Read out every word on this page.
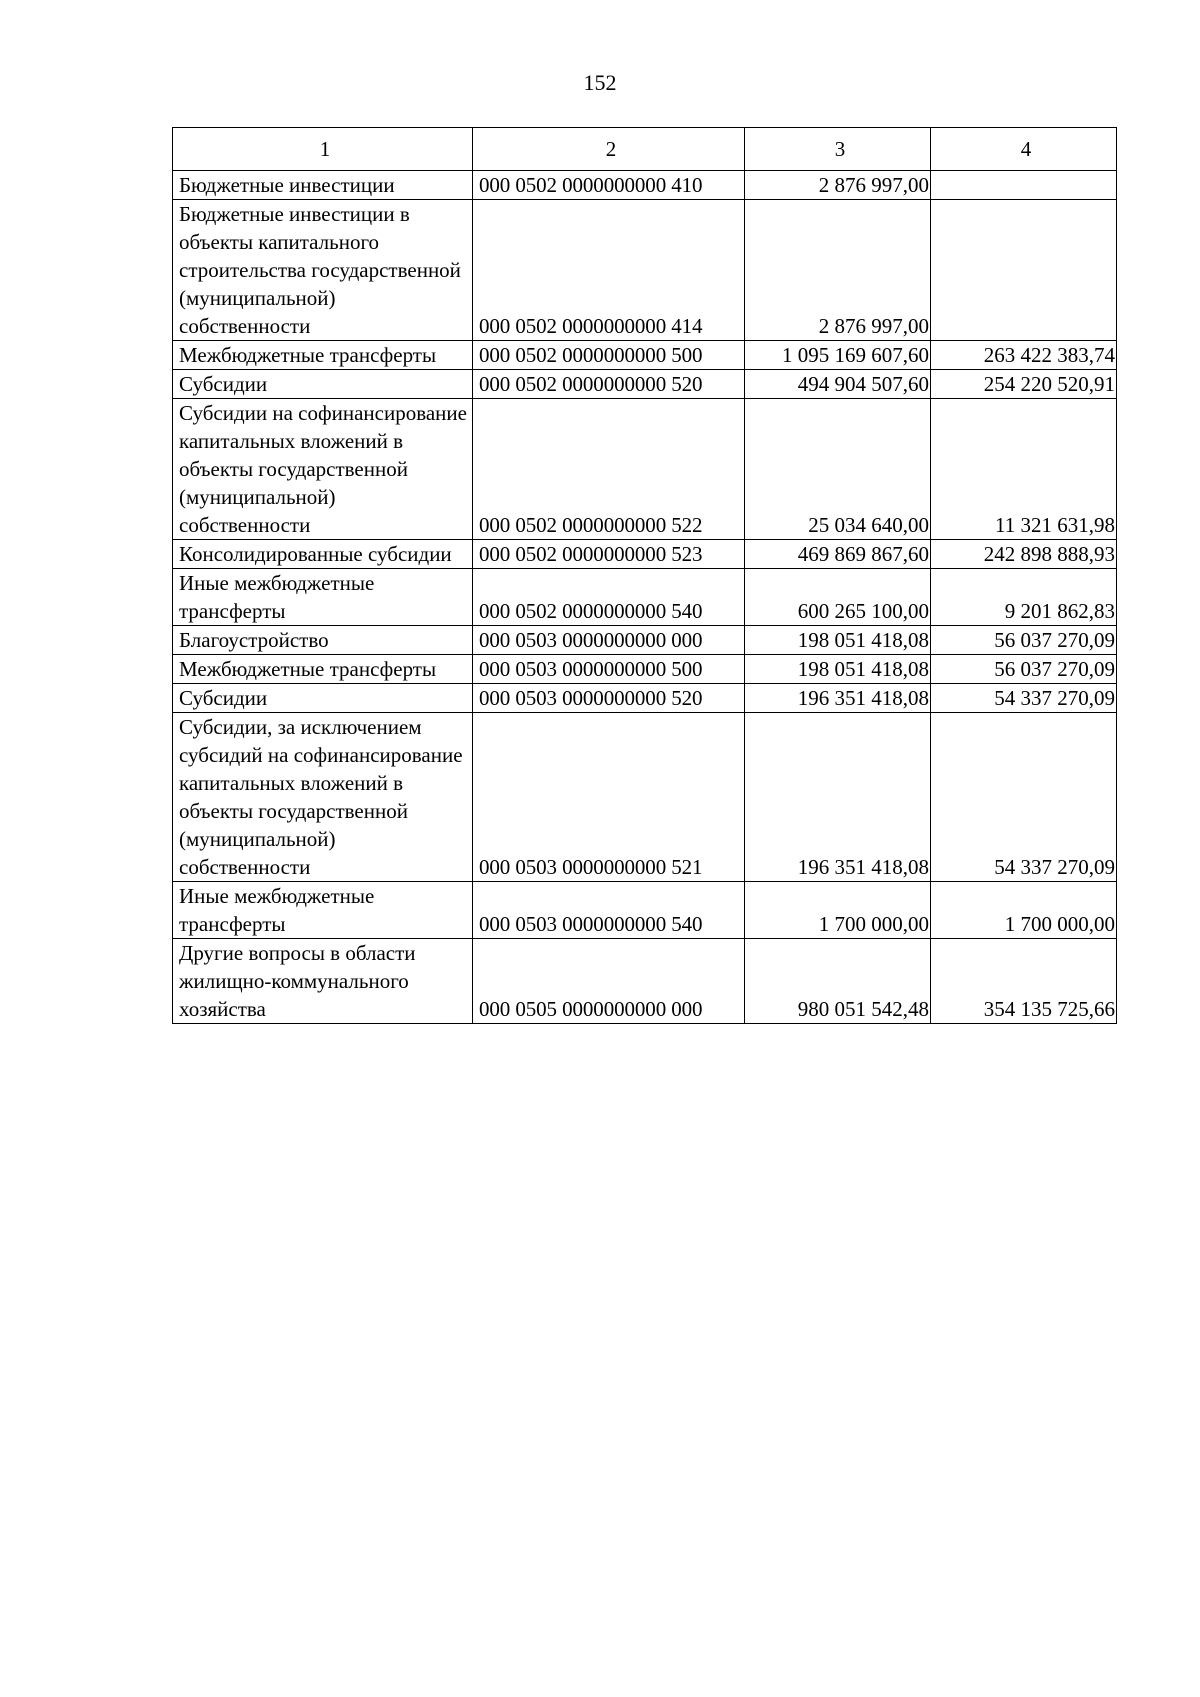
152
1	2	3	4
Бюджетные инвестиции	000 0502 0000000000 410	2 876 997,00	
Бюджетные инвестиции в объекты капитального строительства государственной (муниципальной) собственности	000 0502 0000000000 414	2 876 997,00	
Межбюджетные трансферты	000 0502 0000000000 500	1 095 169 607,60	263 422 383,74
Субсидии	000 0502 0000000000 520	494 904 507,60	254 220 520,91
Субсидии на софинансирование капитальных вложений в объекты государственной (муниципальной) собственности	000 0502 0000000000 522	25 034 640,00	11 321 631,98
Консолидированные субсидии	000 0502 0000000000 523	469 869 867,60	242 898 888,93
Иные межбюджетные трансферты	000 0502 0000000000 540	600 265 100,00	9 201 862,83
Благоустройство	000 0503 0000000000 000	198 051 418,08	56 037 270,09
Межбюджетные трансферты	000 0503 0000000000 500	198 051 418,08	56 037 270,09
Субсидии	000 0503 0000000000 520	196 351 418,08	54 337 270,09
Субсидии, за исключением субсидий на софинансирование капитальных вложений в объекты государственной (муниципальной) собственности	000 0503 0000000000 521	196 351 418,08	54 337 270,09
Иные межбюджетные трансферты	000 0503 0000000000 540	1 700 000,00	1 700 000,00
Другие вопросы в области жилищно-коммунального хозяйства	000 0505 0000000000 000	980 051 542,48	354 135 725,66
